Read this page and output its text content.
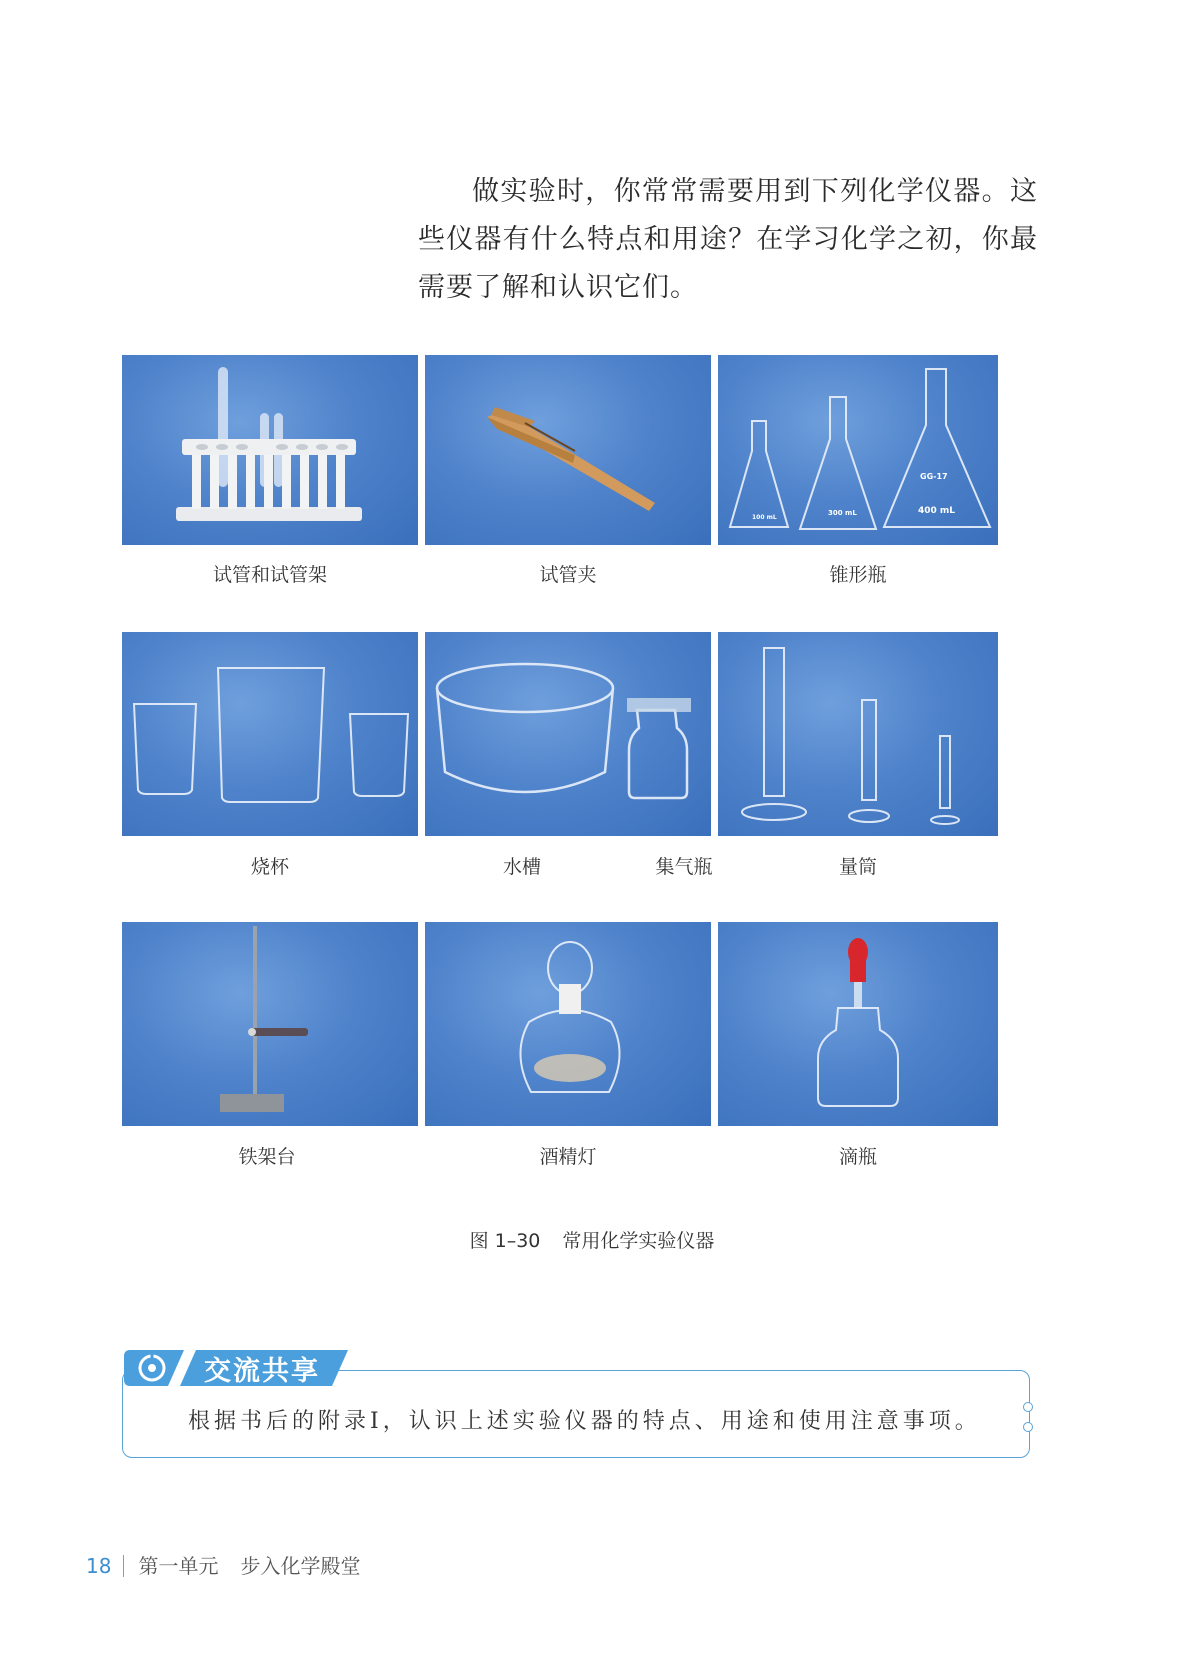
做实验时，你常常需要用到下列化学仪器。这些仪器有什么特点和用途？在学习化学之初，你最需要了解和认识它们。

GG-17
400 mL
300 mL
100 mL
试管和试管架	试管夹	锥形瓶
烧杯	水槽	集气瓶	量筒
铁架台	酒精灯	滴瓶
图 1–30 常用化学实验仪器
交流共享
根据书后的附录Ⅰ，认识上述实验仪器的特点、用途和使用注意事项。
18 第一单元 步入化学殿堂
